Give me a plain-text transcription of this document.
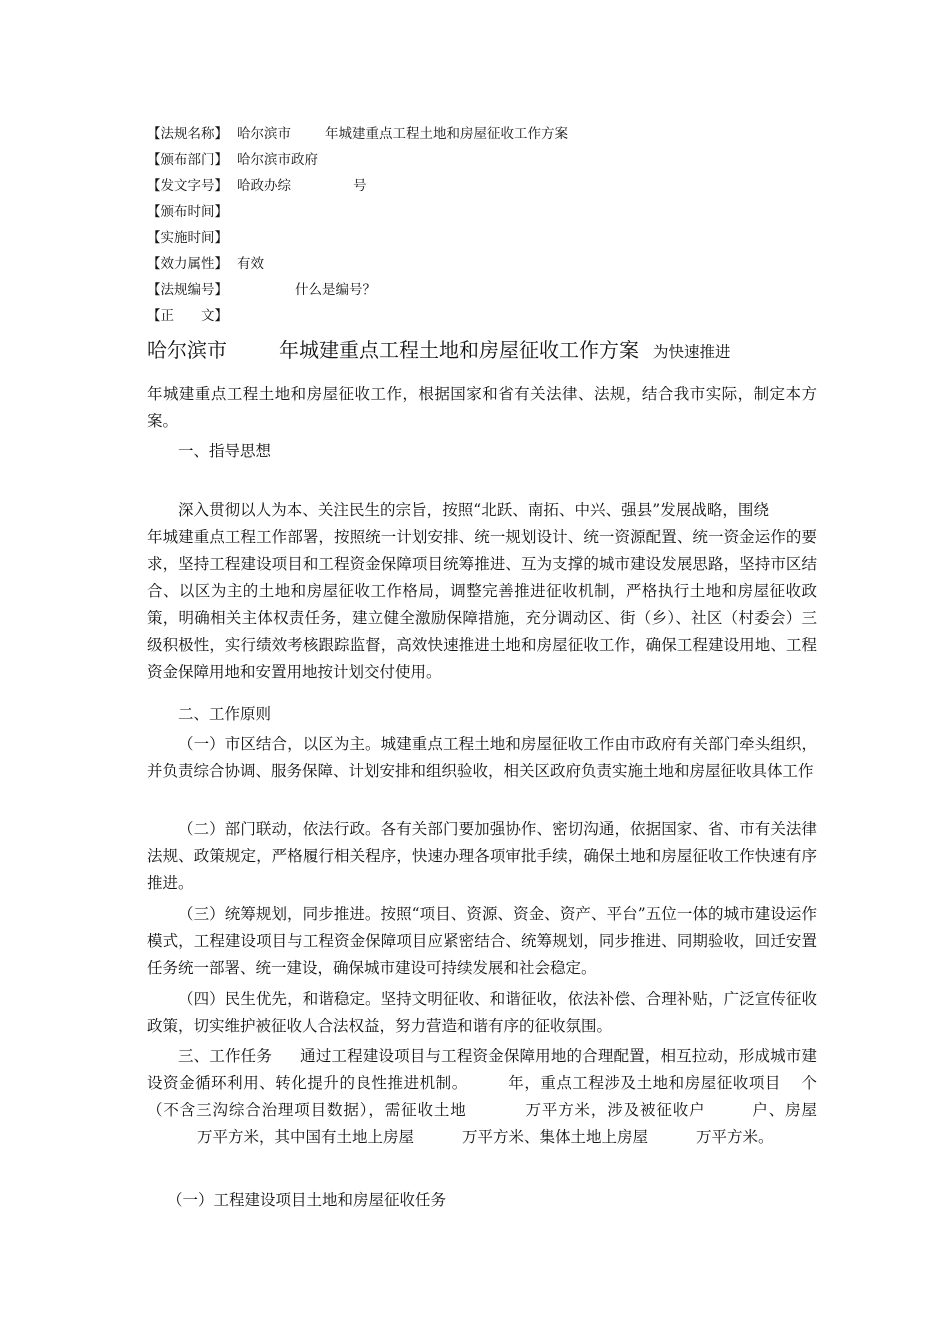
【法规名称】 哈尔滨市	年城建重点工程土地和房屋征收工作方案
【颁布部门】 哈尔滨市政府
【发文字号】 哈政办综	号
【颁布时间】
【实施时间】
【效力属性】 有效
【法规编号】	什么是编号？
【正　　文】
哈尔滨市	年城建重点工程土地和房屋征收工作方案 为快速推进

年城建重点工程土地和房屋征收工作，根据国家和省有关法律、法规，结合我市实际，制定本方案。

一、指导思想

深入贯彻以人为本、关注民生的宗旨，按照“北跃、南拓、中兴、强县”发展战略，围绕年城建重点工程工作部署，按照统一计划安排、统一规划设计、统一资源配置、统一资金运作的要求，坚持工程建设项目和工程资金保障项目统筹推进、互为支撑的城市建设发展思路，坚持市区结合、以区为主的土地和房屋征收工作格局，调整完善推进征收机制，严格执行土地和房屋征收政策，明确相关主体权责任务，建立健全激励保障措施，充分调动区、街（乡）、社区（村委会）三级积极性，实行绩效考核跟踪监督，高效快速推进土地和房屋征收工作，确保工程建设用地、工程资金保障用地和安置用地按计划交付使用。

二、工作原则

（一）市区结合，以区为主。城建重点工程土地和房屋征收工作由市政府有关部门牵头组织，并负责综合协调、服务保障、计划安排和组织验收，相关区政府负责实施土地和房屋征收具体工作

（二）部门联动，依法行政。各有关部门要加强协作、密切沟通，依据国家、省、市有关法律法规、政策规定，严格履行相关程序，快速办理各项审批手续，确保土地和房屋征收工作快速有序推进。

（三）统筹规划，同步推进。按照“项目、资源、资金、资产、平台”五位一体的城市建设运作模式，工程建设项目与工程资金保障项目应紧密结合、统筹规划，同步推进、同期验收，回迁安置任务统一部署、统一建设，确保城市建设可持续发展和社会稳定。

（四）民生优先，和谐稳定。坚持文明征收、和谐征收，依法补偿、合理补贴，广泛宣传征收政策，切实维护被征收人合法权益，努力营造和谐有序的征收氛围。

三、工作任务 通过工程建设项目与工程资金保障用地的合理配置，相互拉动，形成城市建设资金循环利用、转化提升的良性推进机制。	年，重点工程涉及土地和房屋征收项目 个（不含三沟综合治理项目数据），需征收土地	万平方米，涉及被征收户	户、房屋万平方米，其中国有土地上房屋	万平方米、集体土地上房屋	万平方米。

（一）工程建设项目土地和房屋征收任务
